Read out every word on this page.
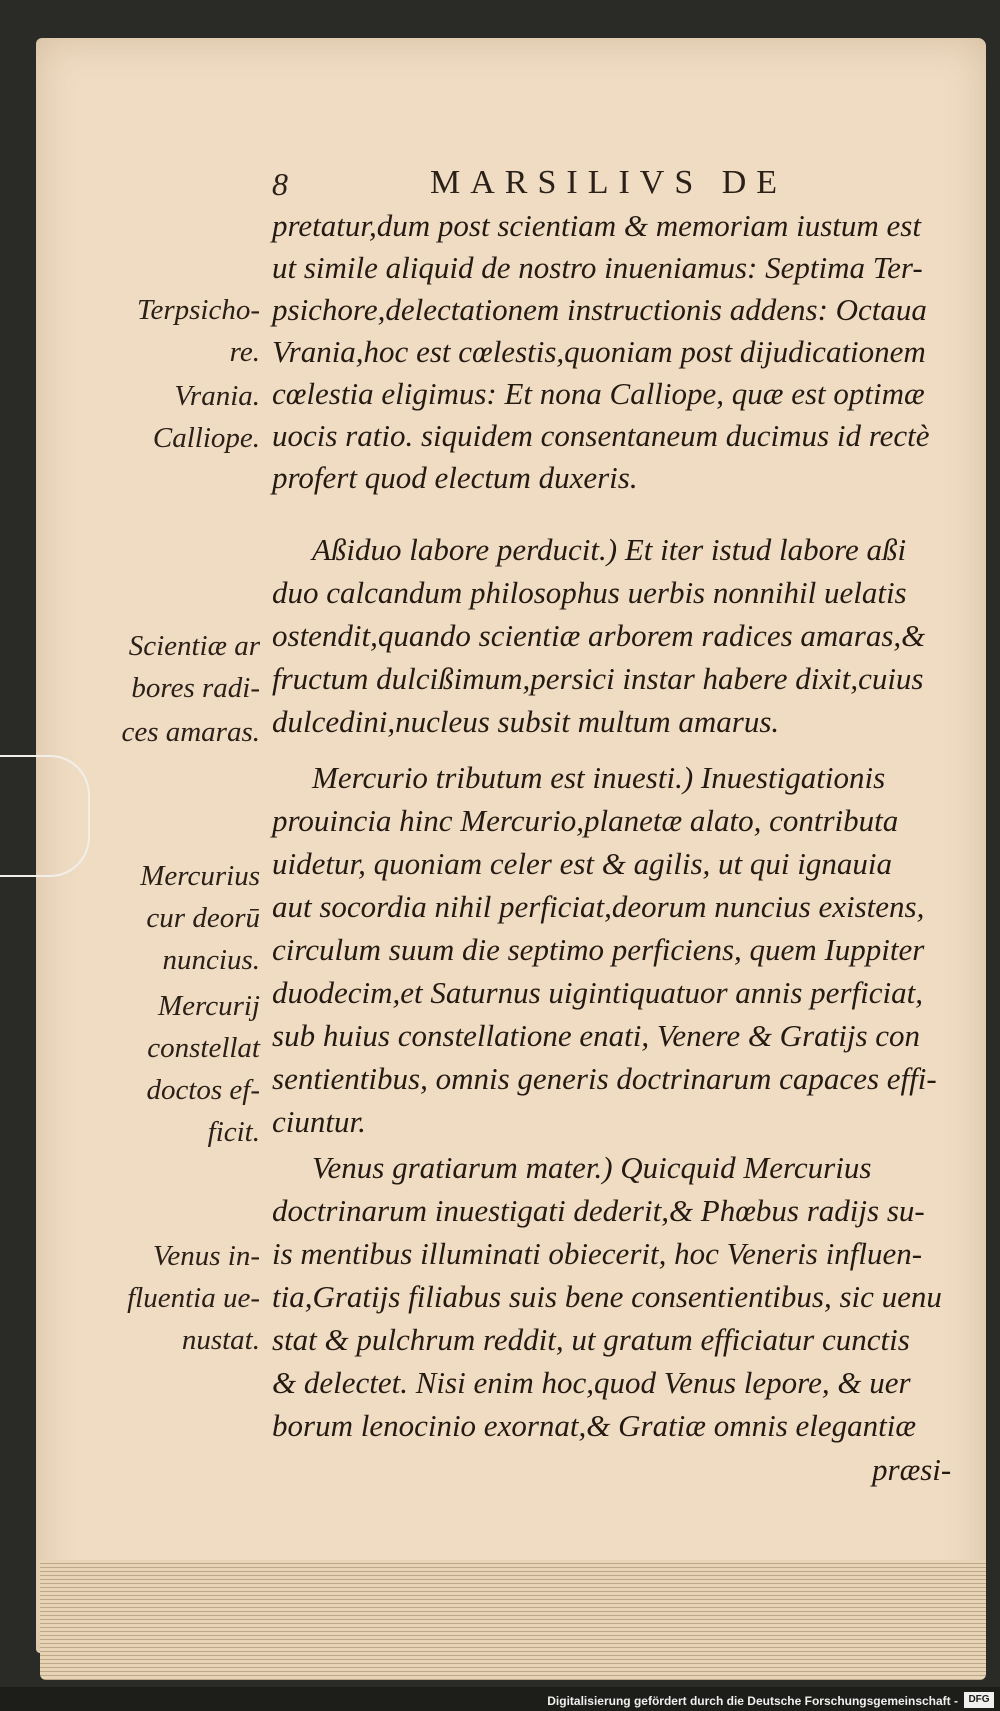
8	MARSILIVS DE
pretatur,dum post scientiam & memoriam iustum est
ut simile aliquid de nostro inueniamus: Septima Ter-
psichore,delectationem instructionis addens: Octaua
Vrania,hoc est cœlestis,quoniam post dijudicationem
cœlestia eligimus: Et nona Calliope, quæ est optimæ
uocis ratio. siquidem consentaneum ducimus id rectè
profert quod electum duxeris.
Aßiduo labore perducit.) Et iter istud labore aßi
duo calcandum philosophus uerbis nonnihil uelatis
ostendit,quando scientiæ arborem radices amaras,&
fructum dulcißimum,persici instar habere dixit,cuius
dulcedini,nucleus subsit multum amarus.
Mercurio tributum est inuesti.) Inuestigationis
prouincia hinc Mercurio,planetæ alato, contributa
uidetur, quoniam celer est & agilis, ut qui ignauia
aut socordia nihil perficiat,deorum nuncius existens,
circulum suum die septimo perficiens, quem Iuppiter
duodecim,et Saturnus uigintiquatuor annis perficiat,
sub huius constellatione enati, Venere & Gratijs con
sentientibus, omnis generis doctrinarum capaces effi-
ciuntur.
Venus gratiarum mater.) Quicquid Mercurius
doctrinarum inuestigati dederit,& Phœbus radijs su-
is mentibus illuminati obiecerit, hoc Veneris influen-
tia,Gratijs filiabus suis bene consentientibus, sic uenu
stat & pulchrum reddit, ut gratum efficiatur cunctis
& delectet. Nisi enim hoc,quod Venus lepore, & uer
borum lenocinio exornat,& Gratiæ omnis elegantiæ
præsi-
Terpsicho-
re.
Vrania.
Calliope.
Scientiæ ar
bores radi-
ces amaras.
Mercurius
cur deorū
nuncius.
Mercurij
constellat
doctos ef-
ficit.
Venus in-
fluentia ue-
nustat.
Digitalisierung gefördert durch die Deutsche Forschungsgemeinschaft -	DFG
